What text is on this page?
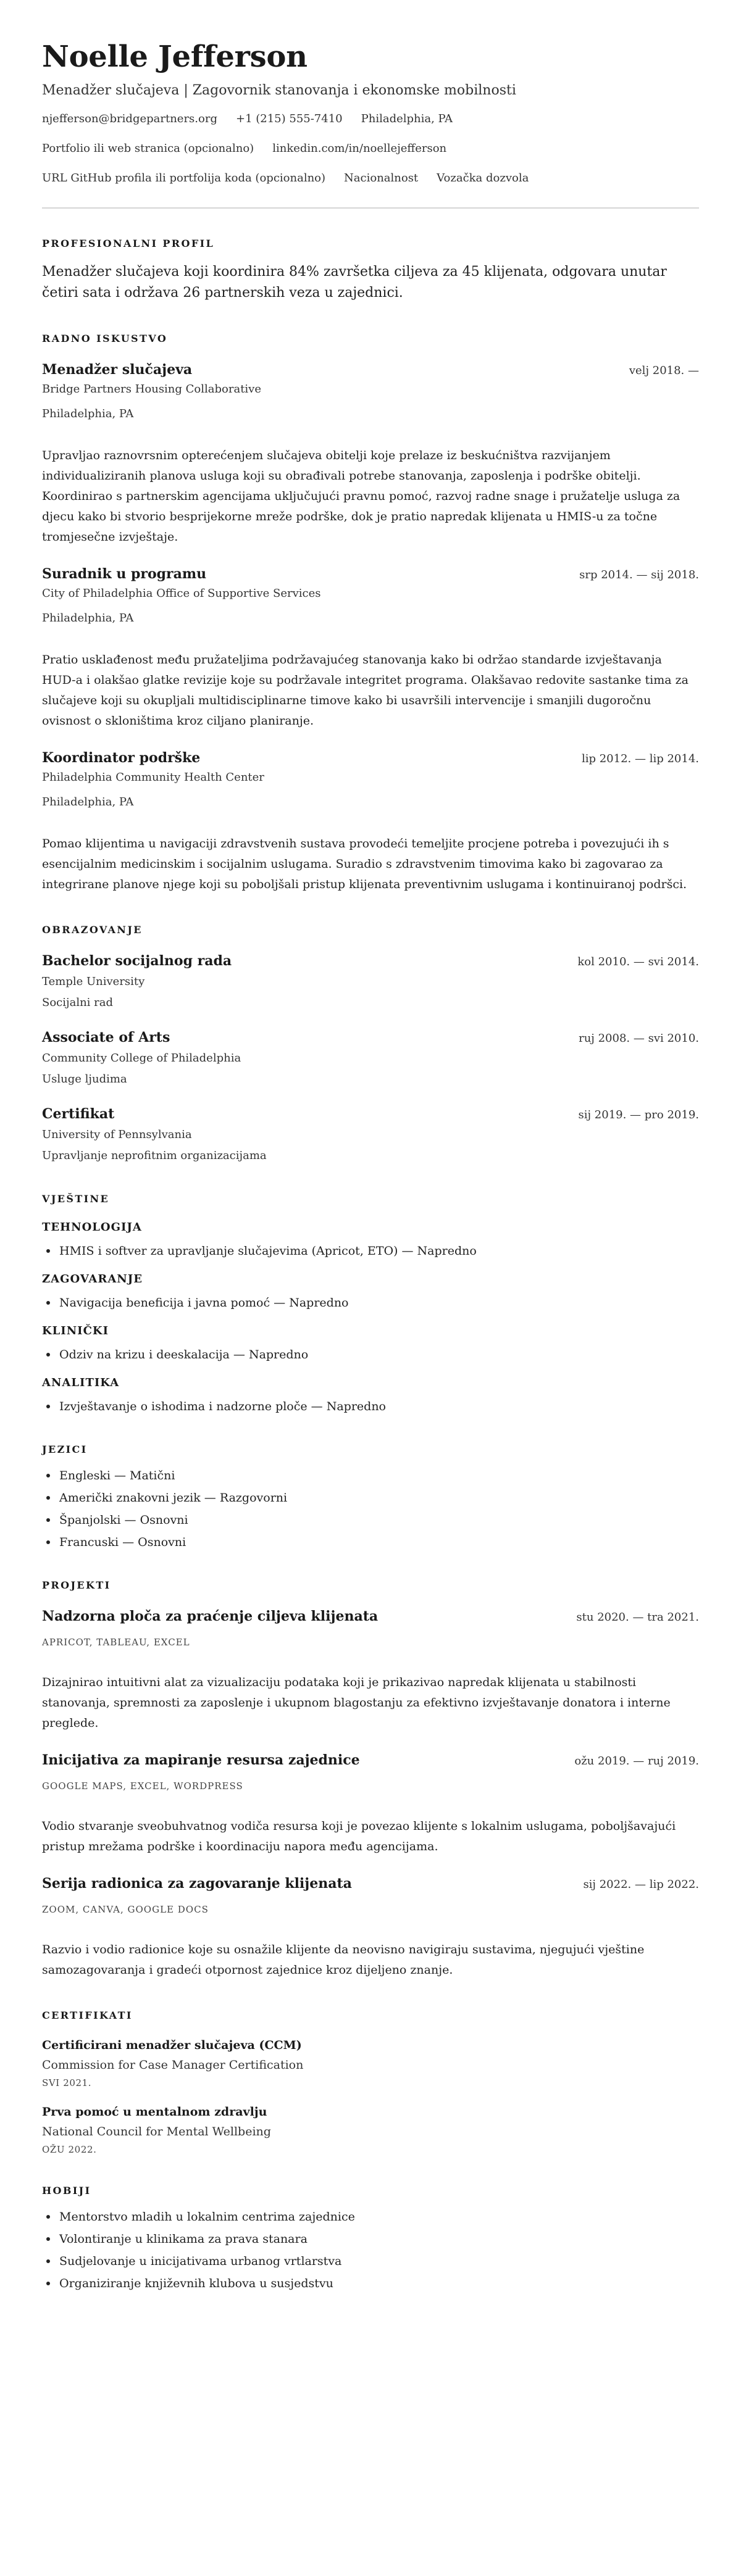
Noelle Jefferson
Menadžer slučajeva | Zagovornik stanovanja i ekonomske mobilnosti
njefferson@bridgepartners.org +1 (215) 555-7410 Philadelphia, PA
Portfolio ili web stranica (opcionalno) linkedin.com/in/noellejefferson
URL GitHub profila ili portfolija koda (opcionalno) Nacionalnost Vozačka dozvola
PROFESIONALNI PROFIL

Menadžer slučajeva koji koordinira 84% završetka ciljeva za 45 klijenata, odgovara unutar četiri sata i održava 26 partnerskih veza u zajednici.

RADNO ISKUSTVO
Menadžer slučajeva	velj 2018. —
Bridge Partners Housing Collaborative
Philadelphia, PA

Upravljao raznovrsnim opterećenjem slučajeva obitelji koje prelaze iz beskućništva razvijanjem individualiziranih planova usluga koji su obrađivali potrebe stanovanja, zaposlenja i podrške obitelji. Koordinirao s partnerskim agencijama uključujući pravnu pomoć, razvoj radne snage i pružatelje usluga za djecu kako bi stvorio besprijekorne mreže podrške, dok je pratio napredak klijenata u HMIS-u za točne tromjesečne izvještaje.

Suradnik u programu	srp 2014. — sij 2018.
City of Philadelphia Office of Supportive Services
Philadelphia, PA

Pratio usklađenost među pružateljima podržavajućeg stanovanja kako bi održao standarde izvještavanja HUD-a i olakšao glatke revizije koje su podržavale integritet programa. Olakšavao redovite sastanke tima za slučajeve koji su okupljali multidisciplinarne timove kako bi usavršili intervencije i smanjili dugoročnu ovisnost o skloništima kroz ciljano planiranje.

Koordinator podrške	lip 2012. — lip 2014.
Philadelphia Community Health Center
Philadelphia, PA

Pomao klijentima u navigaciji zdravstvenih sustava provodeći temeljite procjene potreba i povezujući ih s esencijalnim medicinskim i socijalnim uslugama. Suradio s zdravstvenim timovima kako bi zagovarao za integrirane planove njege koji su poboljšali pristup klijenata preventivnim uslugama i kontinuiranoj podršci.

OBRAZOVANJE
Bachelor socijalnog rada	kol 2010. — svi 2014.
Temple University
Socijalni rad
Associate of Arts	ruj 2008. — svi 2010.
Community College of Philadelphia
Usluge ljudima
Certifikat	sij 2019. — pro 2019.
University of Pennsylvania
Upravljanje neprofitnim organizacijama
VJEŠTINE
TEHNOLOGIJA
HMIS i softver za upravljanje slučajevima (Apricot, ETO) — Napredno
ZAGOVARANJE
Navigacija beneficija i javna pomoć — Napredno
KLINIČKI
Odziv na krizu i deeskalacija — Napredno
ANALITIKA
Izvještavanje o ishodima i nadzorne ploče — Napredno
JEZICI
Engleski — Matični
Američki znakovni jezik — Razgovorni
Španjolski — Osnovni
Francuski — Osnovni
PROJEKTI
Nadzorna ploča za praćenje ciljeva klijenata	stu 2020. — tra 2021.
APRICOT, TABLEAU, EXCEL

Dizajnirao intuitivni alat za vizualizaciju podataka koji je prikazivao napredak klijenata u stabilnosti stanovanja, spremnosti za zaposlenje i ukupnom blagostanju za efektivno izvještavanje donatora i interne preglede.

Inicijativa za mapiranje resursa zajednice	ožu 2019. — ruj 2019.
GOOGLE MAPS, EXCEL, WORDPRESS

Vodio stvaranje sveobuhvatnog vodiča resursa koji je povezao klijente s lokalnim uslugama, poboljšavajući pristup mrežama podrške i koordinaciju napora među agencijama.

Serija radionica za zagovaranje klijenata	sij 2022. — lip 2022.
ZOOM, CANVA, GOOGLE DOCS

Razvio i vodio radionice koje su osnažile klijente da neovisno navigiraju sustavima, njegujući vještine samozagovaranja i gradeći otpornost zajednice kroz dijeljeno znanje.

CERTIFIKATI
Certificirani menadžer slučajeva (CCM)
Commission for Case Manager Certification
SVI 2021.
Prva pomoć u mentalnom zdravlju
National Council for Mental Wellbeing
OŽU 2022.
HOBIJI
Mentorstvo mladih u lokalnim centrima zajednice
Volontiranje u klinikama za prava stanara
Sudjelovanje u inicijativama urbanog vrtlarstva
Organiziranje književnih klubova u susjedstvu
